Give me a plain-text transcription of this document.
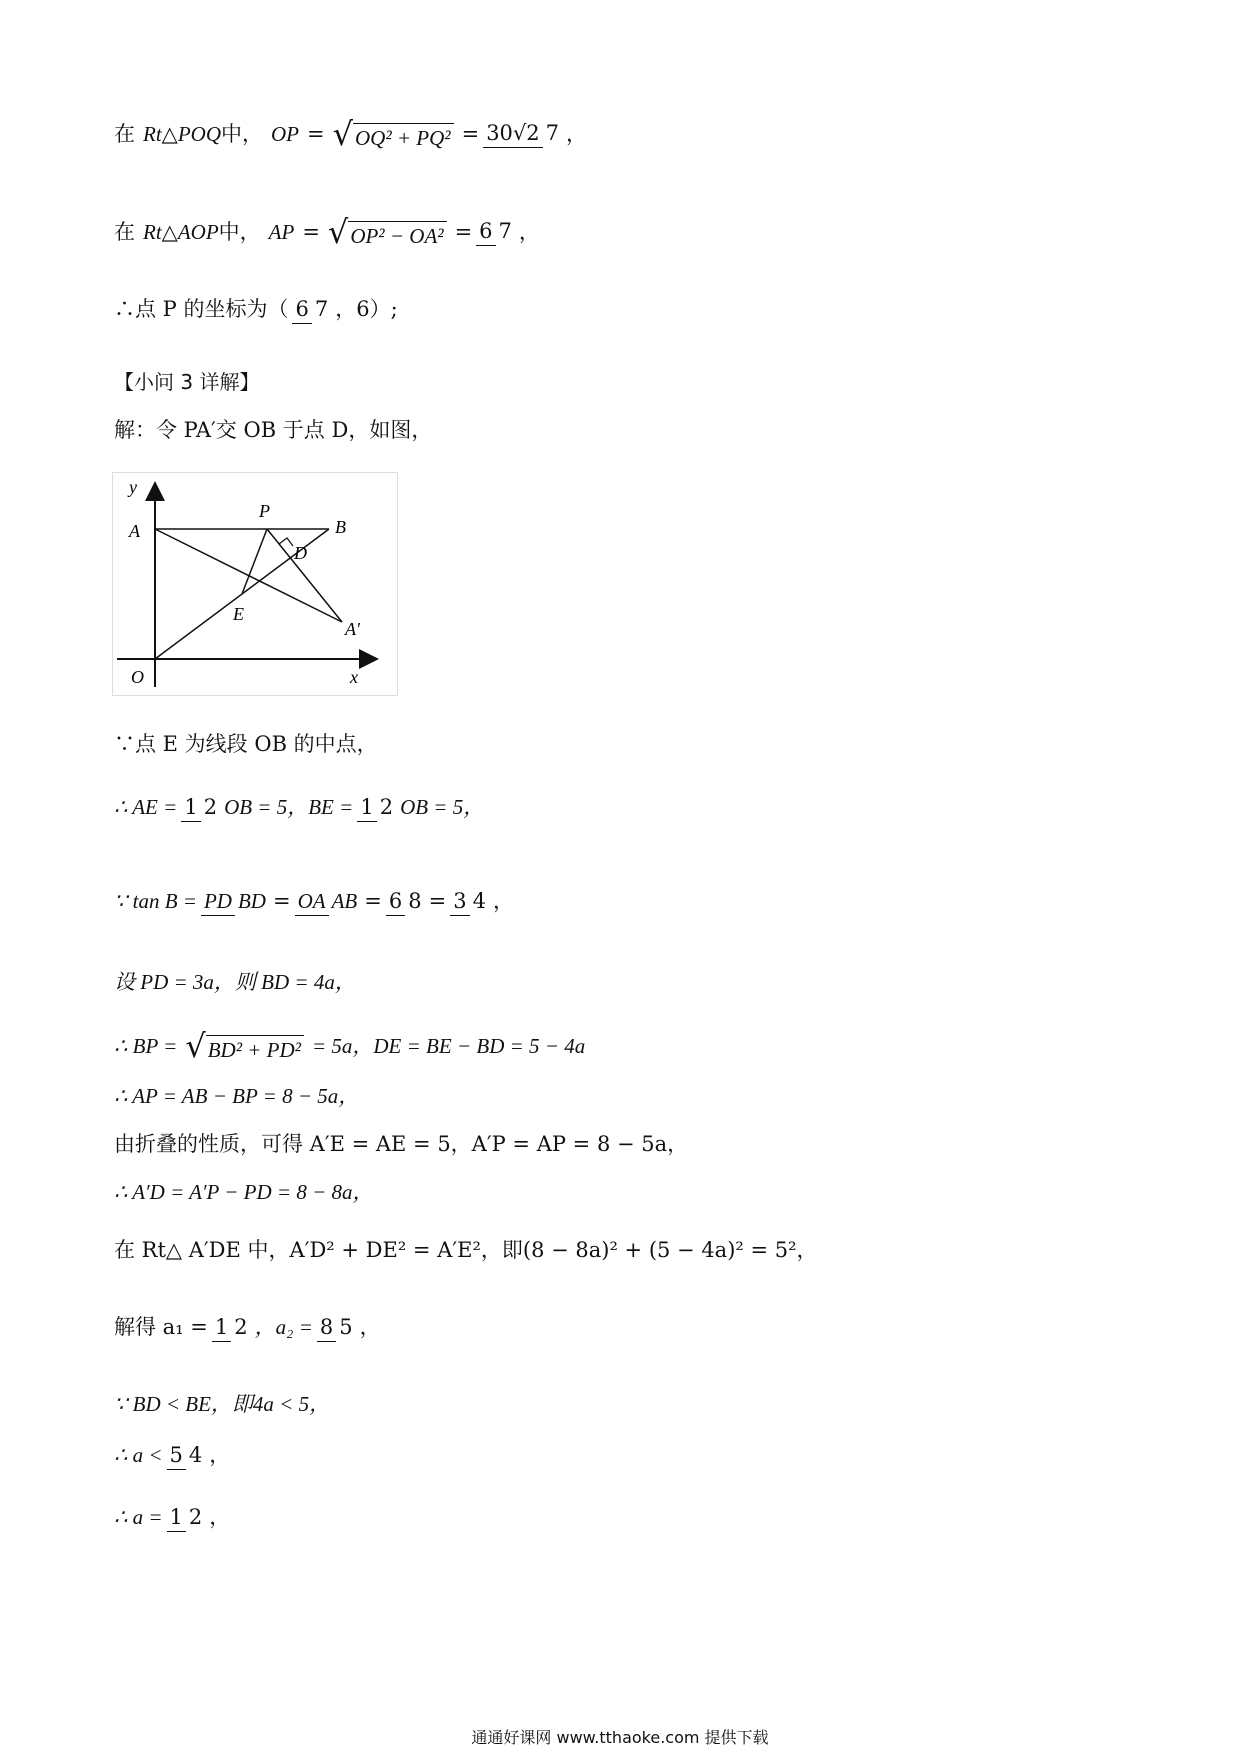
在 Rt △POQ 中， OP = √OQ² + PQ² = 30√2 7 ，
在 Rt △AOP 中， AP = √OP² − OA² = 6 7 ，
∴点 P 的坐标为（ 6 7 ，6）;
【小问 3 详解】
解：令 PA′交 OB 于点 D，如图，
y
x
O
A
P
B
D
E
A′
∵点 E 为线段 OB 的中点，
∴ AE = 1 2 OB = 5，BE = 1 2 OB = 5，
∵ tan B = PD BD = OA AB = 6 8 = 3 4 ，
设 PD = 3a，则 BD = 4a，
∴ BP = √BD² + PD² = 5a，DE = BE − BD = 5 − 4a
∴ AP = AB − BP = 8 − 5a，
由折叠的性质，可得 A′E = AE = 5，A′P = AP = 8 − 5a，
∴ A′D = A′P − PD = 8 − 8a，
在 Rt△ A′DE 中，A′D² + DE² = A′E²，即(8 − 8a)² + (5 − 4a)² = 5²，
解得 a₁ = 1 2 ，a₂ = 8 5 ，
∵ BD < BE，即4a < 5，
∴ a < 5 4 ，
∴ a = 1 2 ，
通通好课网 www.tthaoke.com 提供下载
